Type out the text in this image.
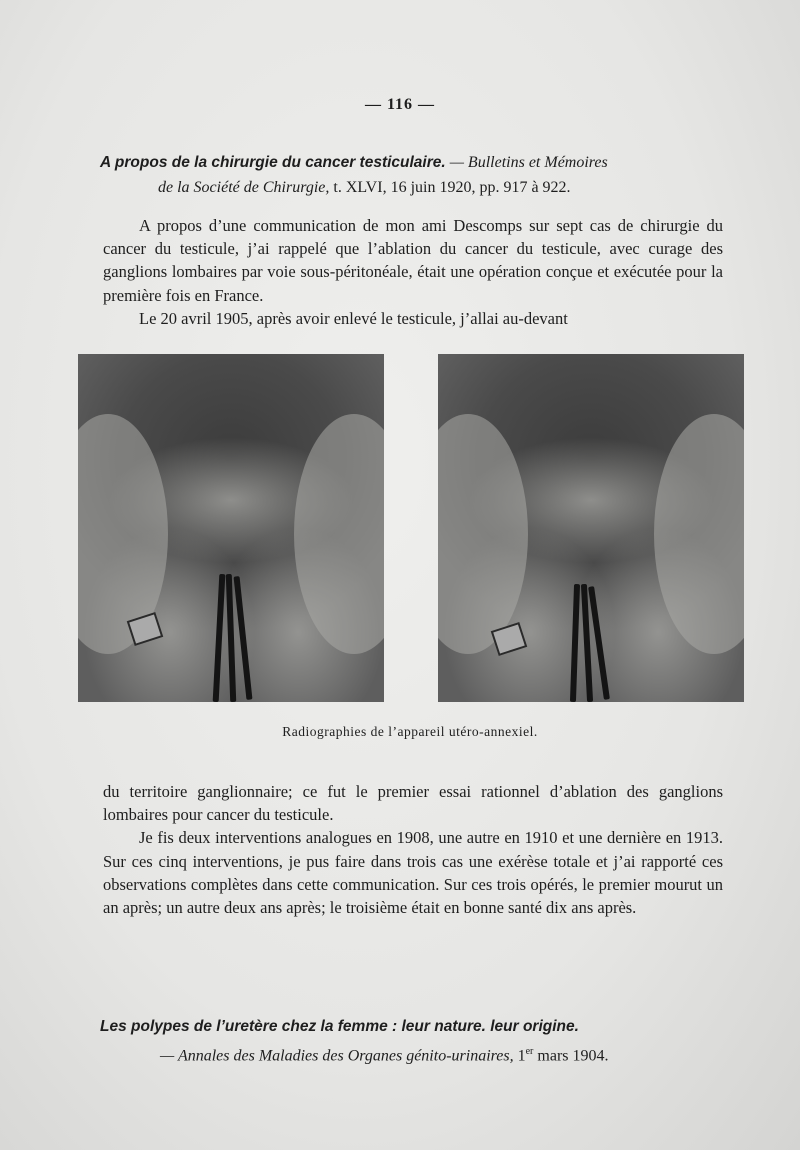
— 116 —
A propos de la chirurgie du cancer testiculaire. — Bulletins et Mémoires
de la Société de Chirurgie, t. XLVI, 16 juin 1920, pp. 917 à 922.

A propos d’une communication de mon ami Descomps sur sept cas de chirurgie du cancer du testicule, j’ai rappelé que l’ablation du cancer du testicule, avec curage des ganglions lombaires par voie sous-péritonéale, était une opération conçue et exécutée pour la première fois en France.

Le 20 avril 1905, après avoir enlevé le testicule, j’allai au-devant

Radiographies de l’appareil utéro-annexiel.

du territoire ganglionnaire; ce fut le premier essai rationnel d’ablation des ganglions lombaires pour cancer du testicule.

Je fis deux interventions analogues en 1908, une autre en 1910 et une dernière en 1913. Sur ces cinq interventions, je pus faire dans trois cas une exérèse totale et j’ai rapporté ces observations complètes dans cette communication. Sur ces trois opérés, le premier mourut un an après; un autre deux ans après; le troisième était en bonne santé dix ans après.

Les polypes de l’uretère chez la femme : leur nature. leur origine.
— Annales des Maladies des Organes génito-urinaires, 1er mars 1904.
